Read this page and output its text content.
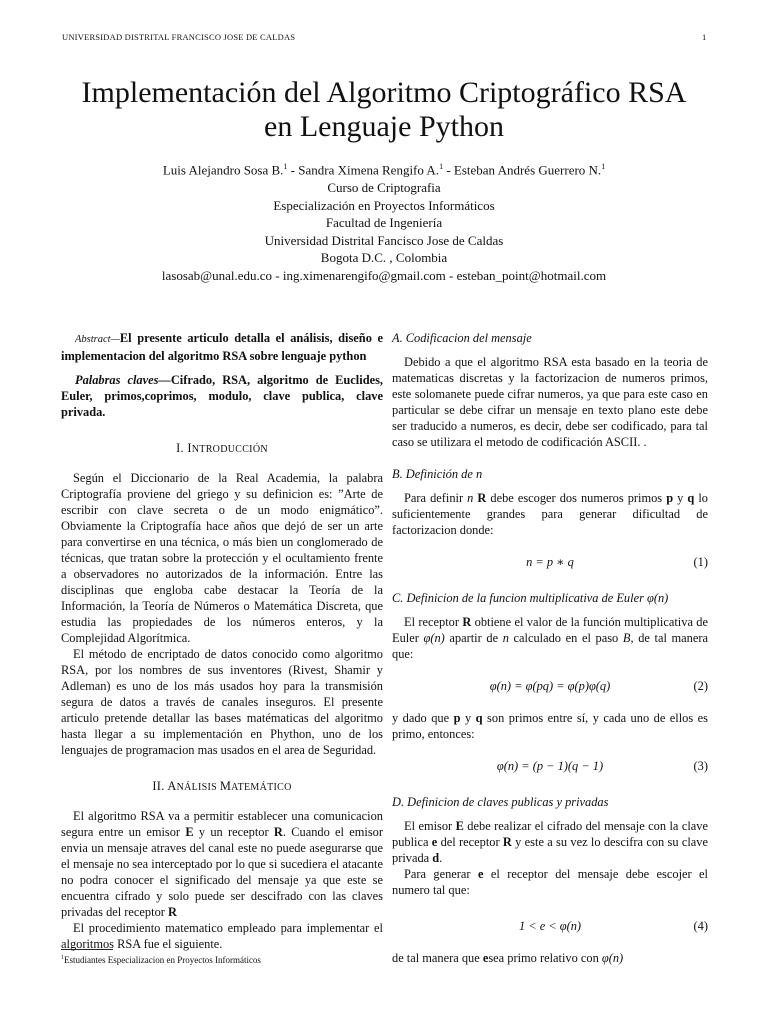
UNIVERSIDAD DISTRITAL FRANCISCO JOSE DE CALDAS	1
Implementación del Algoritmo Criptográfico RSA
en Lenguaje Python
Luis Alejandro Sosa B.$^1$ - Sandra Ximena Rengifo A.$^1$ - Esteban Andrés Guerrero N.$^1$
Curso de Criptografia
Especialización en Proyectos Informáticos
Facultad de Ingeniería
Universidad Distrital Fancisco Jose de Caldas
Bogota D.C. , Colombia
lasosab@unal.edu.co - ing.ximenarengifo@gmail.com - esteban_point@hotmail.com

Abstract—El presente articulo detalla el análisis, diseño e implementacion del algoritmo RSA sobre lenguaje python

Palabras claves—Cifrado, RSA, algoritmo de Euclides, Euler, primos,coprimos, modulo, clave publica, clave privada.

I. INTRODUCCIÓN

Según el Diccionario de la Real Academia, la palabra Criptografía proviene del griego y su definicion es: ”Arte de escribir con clave secreta o de un modo enigmático”. Obviamente la Criptografía hace años que dejó de ser un arte para convertirse en una técnica, o más bien un conglomerado de técnicas, que tratan sobre la protección y el ocultamiento frente a observadores no autorizados de la información. Entre las disciplinas que engloba cabe destacar la Teoría de la Información, la Teoría de Números o Matemática Discreta, que estudia las propiedades de los números enteros, y la Complejidad Algorítmica.

El método de encriptado de datos conocido como algoritmo RSA, por los nombres de sus inventores (Rivest, Shamir y Adleman) es uno de los más usados hoy para la transmisión segura de datos a través de canales inseguros. El presente articulo pretende detallar las bases matématicas del algoritmo hasta llegar a su implementación en Phython, uno de los lenguajes de programacion mas usados en el area de Seguridad.

II. ANÁLISIS MATEMÁTICO

El algoritmo RSA va a permitir establecer una comunicacion segura entre un emisor E y un receptor R. Cuando el emisor envia un mensaje atraves del canal este no puede asegurarse que el mensaje no sea interceptado por lo que si sucediera el atacante no podra conocer el significado del mensaje ya que este se encuentra cifrado y solo puede ser descifrado con las claves privadas del receptor R

El procedimiento matematico empleado para implementar el algoritmos RSA fue el siguiente.

$^1$Estudiantes Especializacion en Proyectos Informáticos
A. Codificacion del mensaje

Debido a que el algoritmo RSA esta basado en la teoria de matematicas discretas y la factorizacion de numeros primos, este solomanete puede cifrar numeros, ya que para este caso en particular se debe cifrar un mensaje en texto plano este debe ser traducido a numeros, es decir, debe ser codificado, para tal caso se utilizara el metodo de codificación ASCII. .

B. Definición de n

Para definir n R debe escoger dos numeros primos p y q lo suficientemente grandes para generar dificultad de factorizacion donde:

n = p ∗ q	(1)
C. Definicion de la funcion multiplicativa de Euler φ(n)

El receptor R obtiene el valor de la función multiplicativa de Euler φ(n) apartir de n calculado en el paso B, de tal manera que:

φ(n) = φ(pq) = φ(p)φ(q)	(2)

y dado que p y q son primos entre sí, y cada uno de ellos es primo, entonces:

φ(n) = (p − 1)(q − 1)	(3)
D. Definicion de claves publicas y privadas

El emisor E debe realizar el cifrado del mensaje con la clave publica e del receptor R y este a su vez lo descifra con su clave privada d.

Para generar e el receptor del mensaje debe escojer el numero tal que:

1 < e < φ(n)	(4)

de tal manera que esea primo relativo con φ(n)
